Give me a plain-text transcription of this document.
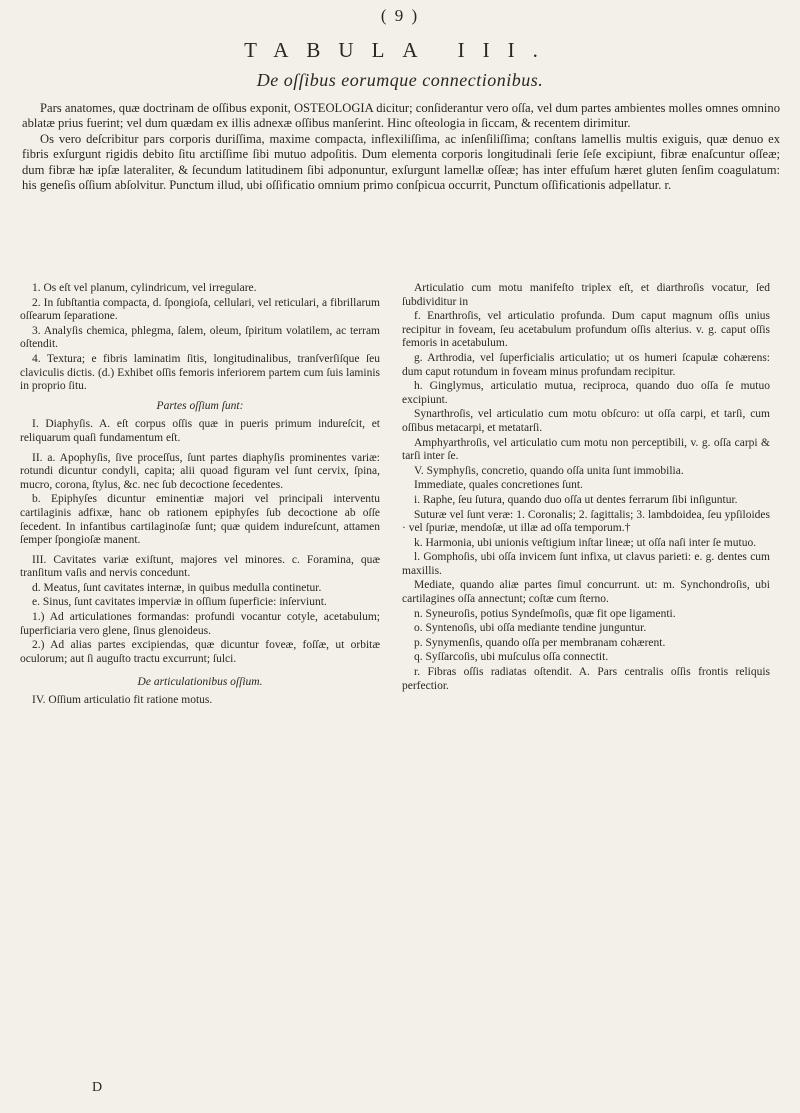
( 9 )
TABULA III.
De oſſibus eorumque connectionibus.

Pars anatomes, quæ doctrinam de oſſibus exponit, OSTEOLOGIA dicitur; conſiderantur vero oſſa, vel dum partes ambientes molles omnes omnino ablatæ prius fuerint; vel dum quædam ex illis adnexæ oſſibus manſerint. Hinc oſteologia in ſiccam, & recentem dirimitur.

Os vero deſcribitur pars corporis duriſſima, maxime compacta, inflexiliſſima, ac inſenſiliſſima; conſtans lamellis multis exiguis, quæ denuo ex fibris exſurgunt rigidis debito ſitu arctiſſime ſibi mutuo adpoſitis. Dum elementa corporis longitudinali ſerie ſeſe excipiunt, fibræ enaſcuntur oſſeæ; dum fibræ hæ ipſæ lateraliter, & ſecundum latitudinem ſibi adponuntur, exſurgunt lamellæ oſſeæ; has inter effuſum hæret gluten ſenſim coagulatum: his geneſis oſſium abſolvitur. Punctum illud, ubi oſſificatio omnium primo conſpicua occurrit, Punctum oſſificationis adpellatur. r.

1. Os eſt vel planum, cylindricum, vel irregulare.

2. In ſubſtantia compacta, d. ſpongioſa, cellulari, vel reticulari, a fibrillarum oſſearum ſeparatione.

3. Analyſis chemica, phlegma, ſalem, oleum, ſpiritum volatilem, ac terram oſtendit.

4. Textura; e fibris laminatim ſitis, longitudinalibus, tranſverſiſque ſeu claviculis dictis. (d.) Exhibet oſſis femoris inferiorem partem cum ſuis laminis in proprio ſitu.

Partes oſſium ſunt:

I. Diaphyſis. A. eſt corpus oſſis quæ in pueris primum indureſcit, et reliquarum quaſi fundamentum eſt.

II. a. Apophyſis, ſive proceſſus, ſunt partes diaphyſis prominentes variæ: rotundi dicuntur condyli, capita; alii quoad figuram vel ſunt cervix, ſpina, mucro, corona, ſtylus, &c. nec ſub decoctione ſecedentes.

b. Epiphyſes dicuntur eminentiæ majori vel principali interventu cartilaginis adfixæ, hanc ob rationem epiphyſes ſub decoctione ab oſſe ſecedent. In infantibus cartilaginoſæ ſunt; quæ quidem indureſcunt, attamen ſemper ſpongioſæ manent.

III. Cavitates variæ exiſtunt, majores vel minores. c. Foramina, quæ tranſitum vaſis and nervis concedunt.

d. Meatus, ſunt cavitates internæ, in quibus medulla continetur.

e. Sinus, ſunt cavitates imperviæ in oſſium ſuperficie: inſerviunt.

1.) Ad articulationes formandas: profundi vocantur cotyle, acetabulum; ſuperficiaria vero glene, ſinus glenoideus.

2.) Ad alias partes excipiendas, quæ dicuntur foveæ, foſſæ, ut orbitæ oculorum; aut ſi auguſto tractu excurrunt; ſulci.

De articulationibus oſſium.

IV. Oſſium articulatio fit ratione motus.

Articulatio cum motu manifeſto triplex eſt, et diarthroſis vocatur, ſed ſubdividitur in

f. Enarthroſis, vel articulatio profunda. Dum caput magnum oſſis unius recipitur in foveam, ſeu acetabulum profundum oſſis alterius. v. g. caput oſſis femoris in acetabulum.

g. Arthrodia, vel ſuperficialis articulatio; ut os humeri ſcapulæ cohærens: dum caput rotundum in foveam minus profundam recipitur.

h. Ginglymus, articulatio mutua, reciproca, quando duo oſſa ſe mutuo excipiunt.

Synarthroſis, vel articulatio cum motu obſcuro: ut oſſa carpi, et tarſi, cum oſſibus metacarpi, et metatarſi.

Amphyarthroſis, vel articulatio cum motu non perceptibili, v. g. oſſa carpi & tarſi inter ſe.

V. Symphyſis, concretio, quando oſſa unita ſunt immobilia.

Immediate, quales concretiones ſunt.

i. Raphe, ſeu ſutura, quando duo oſſa ut dentes ferrarum ſibi inſiguntur.

Suturæ vel ſunt veræ: 1. Coronalis; 2. ſagittalis; 3. lambdoidea, ſeu ypſiloides · vel ſpuriæ, mendoſæ, ut illæ ad oſſa temporum.†

k. Harmonia, ubi unionis veſtigium inſtar lineæ; ut oſſa naſi inter ſe mutuo.

l. Gomphoſis, ubi oſſa invicem ſunt infixa, ut clavus parieti: e. g. dentes cum maxillis.

Mediate, quando aliæ partes ſimul concurrunt. ut: m. Synchondroſis, ubi cartilagines oſſa annectunt; coſtæ cum ſterno.

n. Syneuroſis, potius Syndeſmoſis, quæ fit ope ligamenti.

o. Syntenoſis, ubi oſſa mediante tendine junguntur.

p. Synymenſis, quando oſſa per membranam cohærent.

q. Syſſarcoſis, ubi muſculus oſſa connectit.

r. Fibras oſſis radiatas oſtendit. A. Pars centralis oſſis frontis reliquis perfectior.

D
